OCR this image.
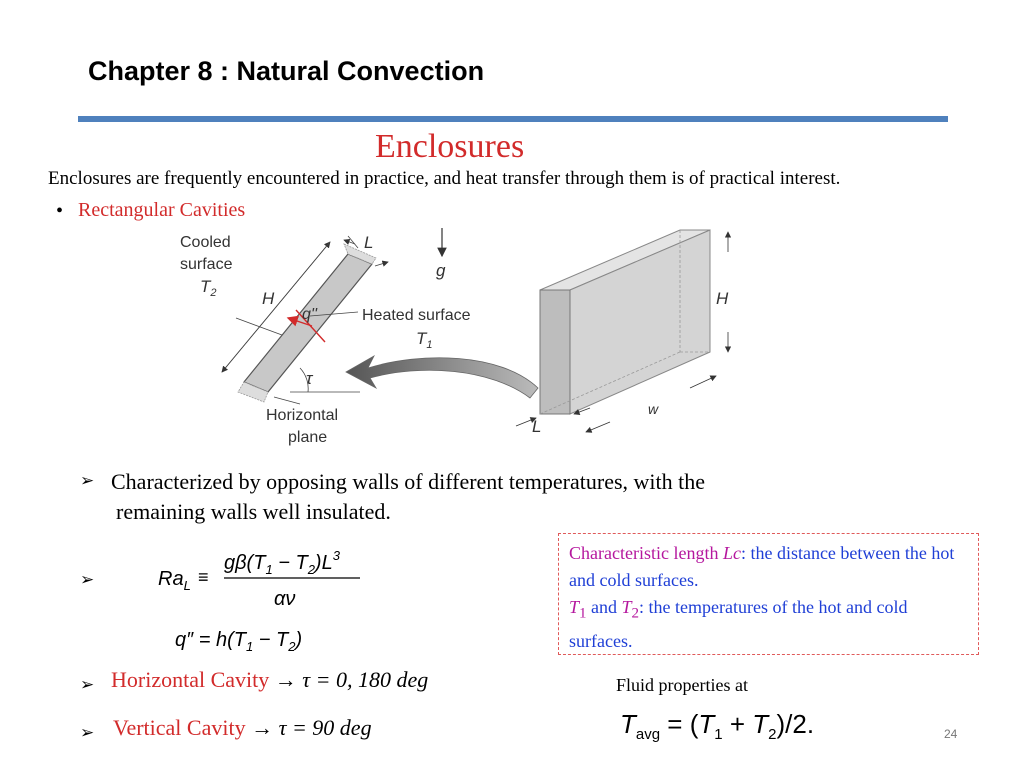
Chapter 8 : Natural Convection
Enclosures
Enclosures are frequently encountered in practice, and heat transfer through them is of practical interest.
• Rectangular Cavities
Cooled
surface
$T_2$	H
q''	Heated surface
$T_1$
L
τ
Horizontal
plane
g
H
w
L
➢ Characterized by opposing walls of different temperatures, with the
remaining walls well insulated.
➢	$Ra_L$ ≡
$g\beta(T_1 - T_2)L^3$
αν
$q'' = h(T_1 - T_2)$
➢ Horizontal Cavity → τ = 0, 180 deg
➢ Vertical Cavity → τ = 90 deg
Characteristic length Lc: the distance between the hot and cold surfaces.
$T_1$ and $T_2$: the temperatures of the hot and cold surfaces.
Fluid properties at
$T_{avg} = (T_1 + T_2)/2$.	24
